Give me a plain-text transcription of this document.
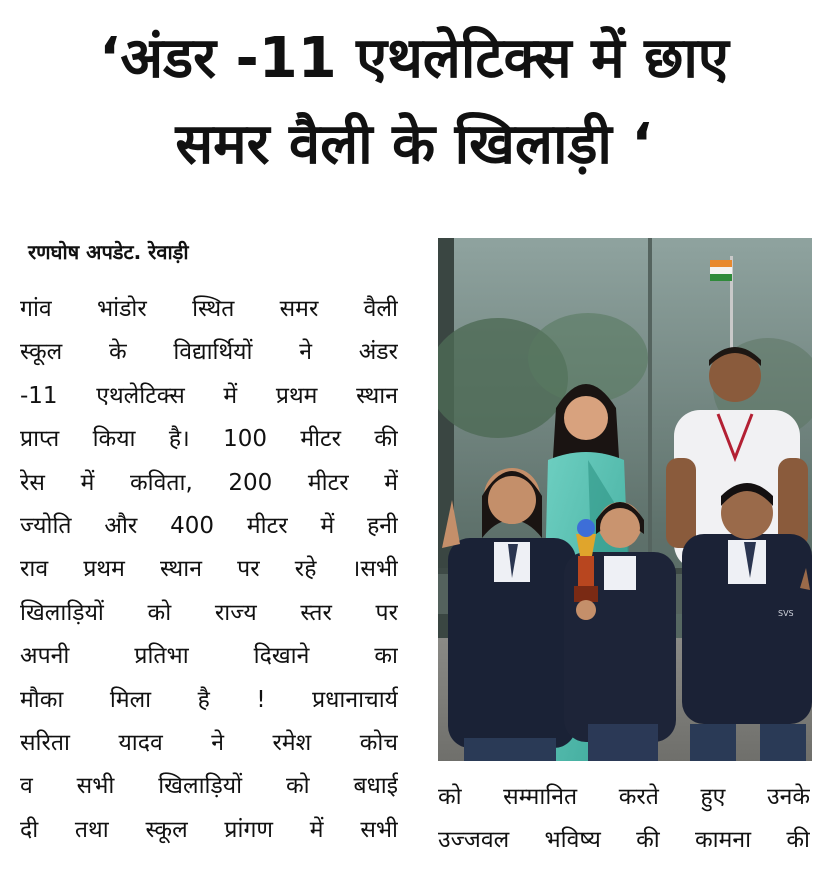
‘अंडर -11 एथलेटिक्स में छाए
समर वैली के खिलाड़ी ‘
रणघोष अपडेट. रेवाड़ी
गांव भांडोर स्थित समर वैली
स्कूल के विद्यार्थियों ने अंडर
-11 एथलेटिक्स में प्रथम स्थान
प्राप्त किया है। 100 मीटर की
रेस में कविता, 200 मीटर में
ज्योति और 400 मीटर में हनी
राव प्रथम स्थान पर रहे ।सभी
खिलाड़ियों को राज्य स्तर पर
अपनी प्रतिभा दिखाने का
मौका मिला है ! प्रधानाचार्य
सरिता यादव ने रमेश कोच
व सभी खिलाड़ियों को बधाई
दी तथा स्कूल प्रांगण में सभी
SVS
को सम्मानित करते हुए उनके
उज्जवल भविष्य की कामना की
